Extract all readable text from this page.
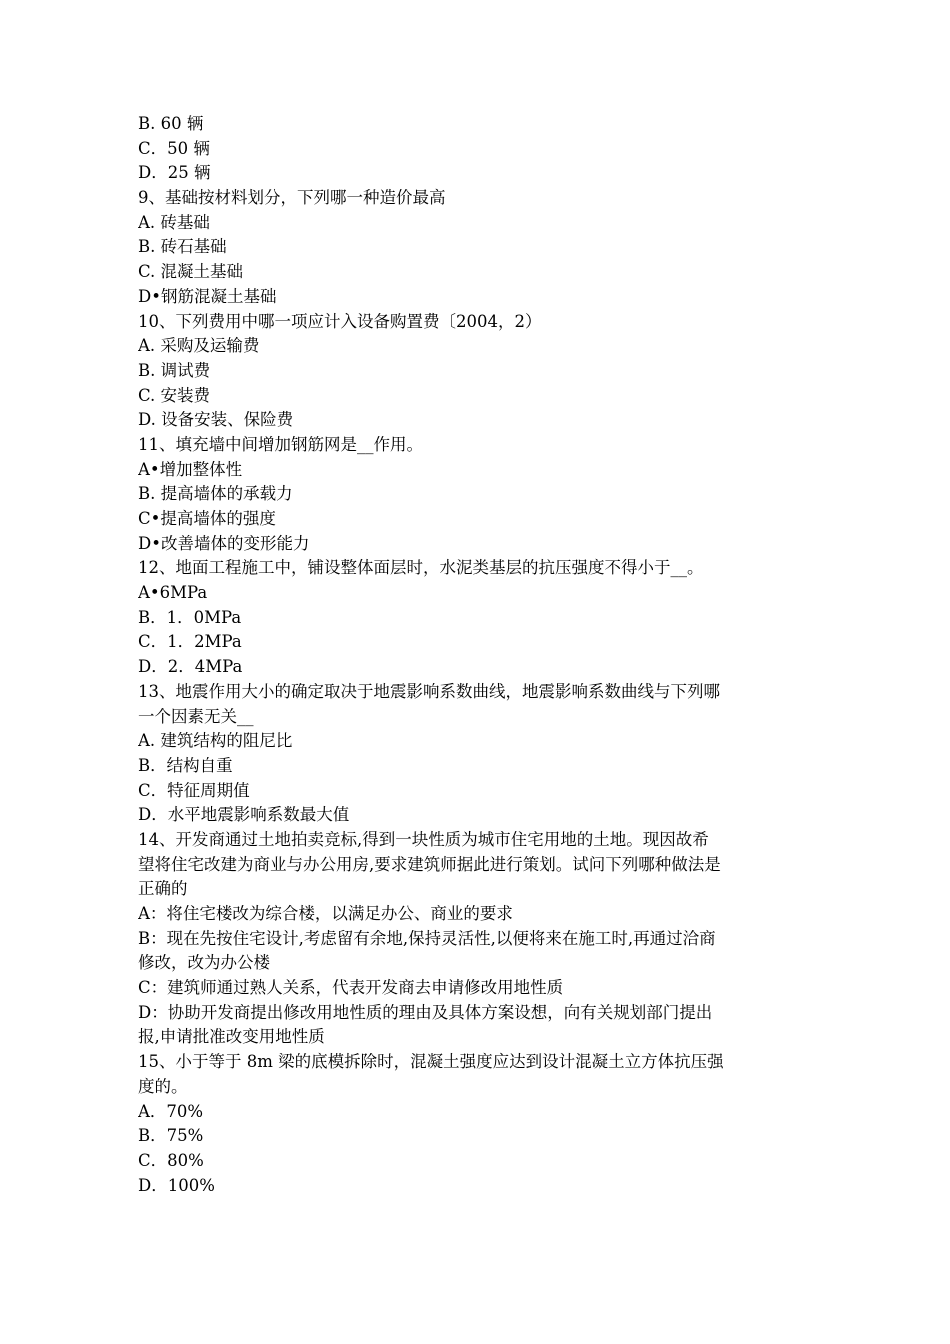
B. 60 辆
C．50 辆
D．25 辆
9、基础按材料划分，下列哪一种造价最高
A. 砖基础
B. 砖石基础
C. 混凝土基础
D•钢筋混凝土基础
10、下列费用中哪一项应计入设备购置费〔2004，2）
A. 采购及运输费
B. 调试费
C. 安装费
D. 设备安装、保险费
11、填充墙中间增加钢筋网是__作用。
A•增加整体性
B. 提高墙体的承载力
C•提高墙体的强度
D•改善墙体的变形能力
12、地面工程施工中，铺设整体面层时，水泥类基层的抗压强度不得小于__。
A•6MPa
B．1．0MPa
C．1．2MPa
D．2．4MPa
13、地震作用大小的确定取决于地震影响系数曲线，地震影响系数曲线与下列哪
一个因素无关__
A. 建筑结构的阻尼比
B．结构自重
C．特征周期值
D．水平地震影响系数最大值
14、开发商通过土地拍卖竞标,得到一块性质为城市住宅用地的土地。现因故希
望将住宅改建为商业与办公用房,要求建筑师据此进行策划。试问下列哪种做法是
正确的
A：将住宅楼改为综合楼，以满足办公、商业的要求
B：现在先按住宅设计,考虑留有余地,保持灵活性,以便将来在施工时,再通过洽商
修改，改为办公楼
C：建筑师通过熟人关系，代表开发商去申请修改用地性质
D：协助开发商提出修改用地性质的理由及具体方案设想，向有关规划部门提出
报,申请批准改变用地性质
15、小于等于 8m 梁的底模拆除时，混凝土强度应达到设计混凝土立方体抗压强
度的。
A．70%
B．75%
C．80%
D．100%
